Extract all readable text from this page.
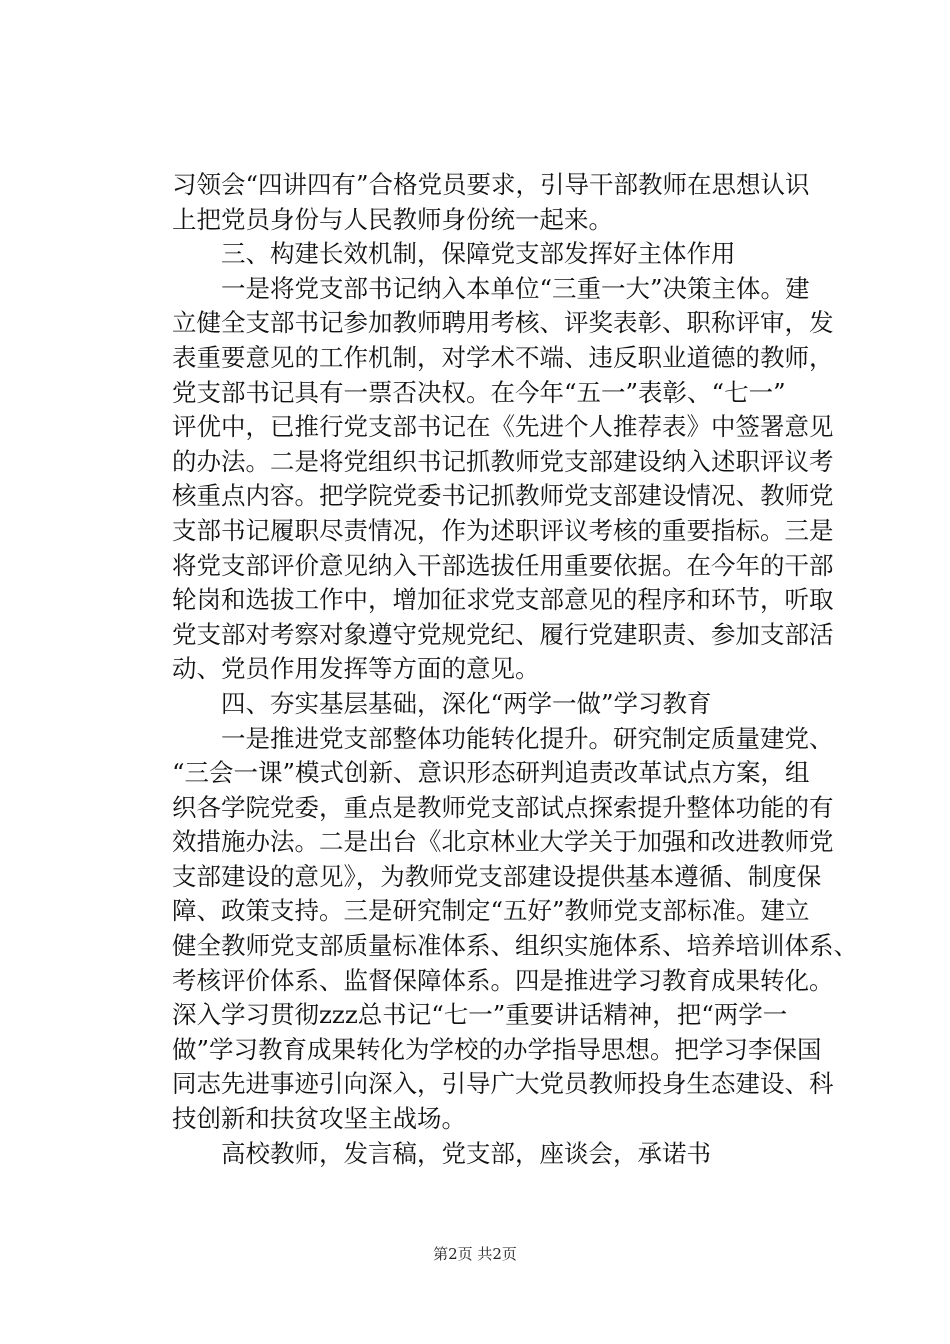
习领会“四讲四有”合格党员要求，引导干部教师在思想认识
上把党员身份与人民教师身份统一起来。
三、构建长效机制，保障党支部发挥好主体作用
一是将党支部书记纳入本单位“三重一大”决策主体。建
立健全支部书记参加教师聘用考核、评奖表彰、职称评审，发
表重要意见的工作机制，对学术不端、违反职业道德的教师，
党支部书记具有一票否决权。在今年“五一”表彰、“七一”
评优中，已推行党支部书记在《先进个人推荐表》中签署意见
的办法。二是将党组织书记抓教师党支部建设纳入述职评议考
核重点内容。把学院党委书记抓教师党支部建设情况、教师党
支部书记履职尽责情况，作为述职评议考核的重要指标。三是
将党支部评价意见纳入干部选拔任用重要依据。在今年的干部
轮岗和选拔工作中，增加征求党支部意见的程序和环节，听取
党支部对考察对象遵守党规党纪、履行党建职责、参加支部活
动、党员作用发挥等方面的意见。
四、夯实基层基础，深化“两学一做”学习教育
一是推进党支部整体功能转化提升。研究制定质量建党、
“三会一课”模式创新、意识形态研判追责改革试点方案，组
织各学院党委，重点是教师党支部试点探索提升整体功能的有
效措施办法。二是出台《北京林业大学关于加强和改进教师党
支部建设的意见》，为教师党支部建设提供基本遵循、制度保
障、政策支持。三是研究制定“五好”教师党支部标准。建立
健全教师党支部质量标准体系、组织实施体系、培养培训体系、
考核评价体系、监督保障体系。四是推进学习教育成果转化。
深入学习贯彻zzz总书记“七一”重要讲话精神，把“两学一
做”学习教育成果转化为学校的办学指导思想。把学习李保国
同志先进事迹引向深入，引导广大党员教师投身生态建设、科
技创新和扶贫攻坚主战场。
高校教师，发言稿，党支部，座谈会，承诺书
第2页 共2页
